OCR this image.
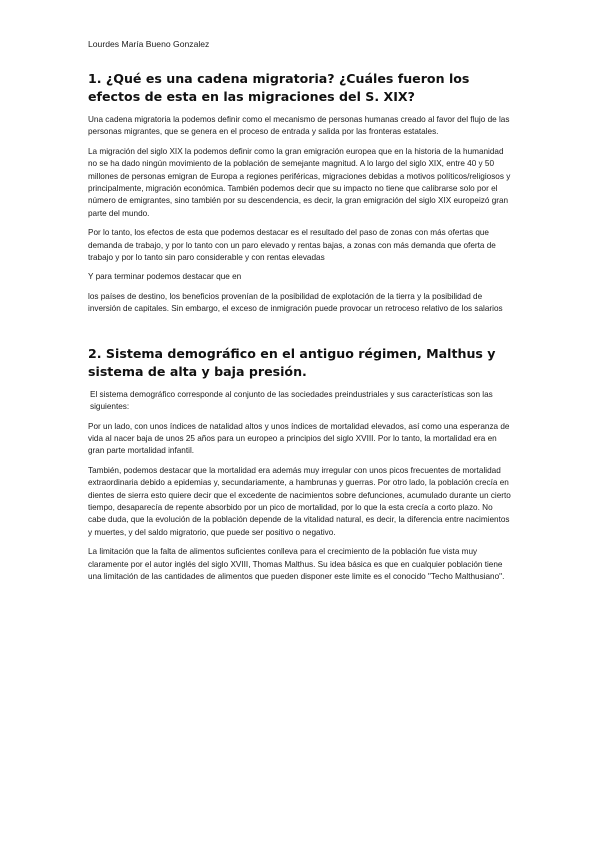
Lourdes María Bueno Gonzalez
1. ¿Qué es una cadena migratoria? ¿Cuáles fueron los efectos de esta en las migraciones del S. XIX?

Una cadena migratoria la podemos definir como el mecanismo de personas humanas creado al favor del flujo de las personas migrantes, que se genera en el proceso de entrada y salida por las fronteras estatales.

La migración del siglo XIX la podemos definir como la gran emigración europea que en la historia de la humanidad no se ha dado ningún movimiento de la población de semejante magnitud. A lo largo del siglo XIX, entre 40 y 50 millones de personas emigran de Europa a regiones periféricas, migraciones debidas a motivos políticos/religiosos y principalmente, migración económica. También podemos decir que su impacto no tiene que calibrarse solo por el número de emigrantes, sino también por su descendencia, es decir, la gran emigración del siglo XIX europeizó gran parte del mundo.

Por lo tanto, los efectos de esta que podemos destacar es el resultado del paso de zonas con más ofertas que demanda de trabajo, y por lo tanto con un paro elevado y rentas bajas, a zonas con más demanda que oferta de trabajo y por lo tanto sin paro considerable y con rentas elevadas

Y para terminar podemos destacar que en

los países de destino, los beneficios provenían de la posibilidad de explotación de la tierra y la posibilidad de inversión de capitales. Sin embargo, el exceso de inmigración puede provocar un retroceso relativo de los salarios

2. Sistema demográfico en el antiguo régimen, Malthus y sistema de alta y baja presión.

El sistema demográfico corresponde al conjunto de las sociedades preindustriales y sus características son las siguientes:

Por un lado, con unos índices de natalidad altos y unos índices de mortalidad elevados, así como una esperanza de vida al nacer baja de unos 25 años para un europeo a principios del siglo XVIII. Por lo tanto, la mortalidad era en gran parte mortalidad infantil.

También, podemos destacar que la mortalidad era además muy irregular con unos picos frecuentes de mortalidad extraordinaria debido a epidemias y, secundariamente, a hambrunas y guerras. Por otro lado, la población crecía en dientes de sierra esto quiere decir que el excedente de nacimientos sobre defunciones, acumulado durante un cierto tiempo, desaparecía de repente absorbido por un pico de mortalidad, por lo que la esta crecía a corto plazo. No cabe duda, que la evolución de la población depende de la vitalidad natural, es decir, la diferencia entre nacimientos y muertes, y del saldo migratorio, que puede ser positivo o negativo.

La limitación que la falta de alimentos suficientes conlleva para el crecimiento de la población fue vista muy claramente por el autor inglés del siglo XVIII, Thomas Malthus. Su idea básica es que en cualquier población tiene una limitación de las cantidades de alimentos que pueden disponer este limite es el conocido "Techo Malthusiano".
